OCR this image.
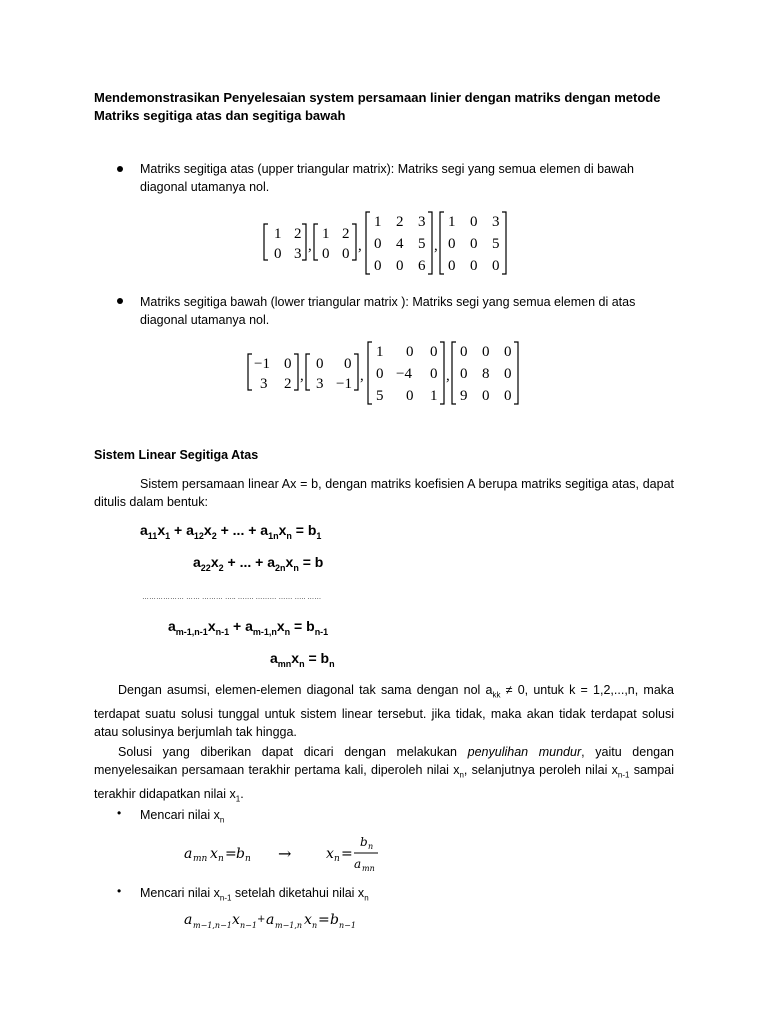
Mendemonstrasikan Penyelesaian system persamaan linier dengan matriks dengan metode
Matriks segitiga atas dan segitiga bawah
Matriks segitiga atas (upper triangular matrix): Matriks segi yang semua elemen di bawah
diagonal utamanya nol.
1 2
0 3 ,
1 2
0 0 ,
1 2 3
0 4 5
0 0 6
,
1 0 3
0 0 5
0 0 0
Matriks segitiga bawah (lower triangular matrix ): Matriks segi yang semua elemen di atas
diagonal utamanya nol.
−1 0
3 2 ,
0 0
3 −1 ,
1 0 0
0 −4 0
5 0 1
,
0 0 0
0 8 0
9 0 0
Sistem Linear Segitiga Atas
Sistem persamaan linear Ax = b, dengan matriks koefisien A berupa matriks segitiga atas, dapat ditulis dalam bentuk:
$a_{11}x_1 + a_{12}x_2$ + ... + $a_{1n}x_n = b_1$
$a_{22}x_2$ + ... + $a_{2n}x_n = b$
……………… …… ……… ….. ……. ……… …… ….. ……
$a_{m-1,n-1}x_{n-1} + a_{m-1,n}x_n = b_{n-1}$
$a_{mn}x_n = b_n$
Dengan asumsi, elemen-elemen diagonal tak sama dengan nol $a_{kk} \ne 0$, untuk k = 1,2,...,n, maka terdapat suatu solusi tunggal untuk sistem linear tersebut. jika tidak, maka akan tidak terdapat solusi atau solusinya berjumlah tak hingga.
Solusi yang diberikan dapat dicari dengan melakukan penyulihan mundur, yaitu dengan menyelesaikan persamaan terakhir pertama kali, diperoleh nilai $x_n$, selanjutnya peroleh nilai $x_{n-1}$ sampai terakhir didapatkan nilai $x_1$.
• Mencari nilai $x_n$
a mn x n = b n → x n =
b n
a mn
• Mencari nilai $x_{n-1}$ setelah diketahui nilai $x_n$
a m−1,n−1 x n−1
+ a m−1,n x n = b n−1
